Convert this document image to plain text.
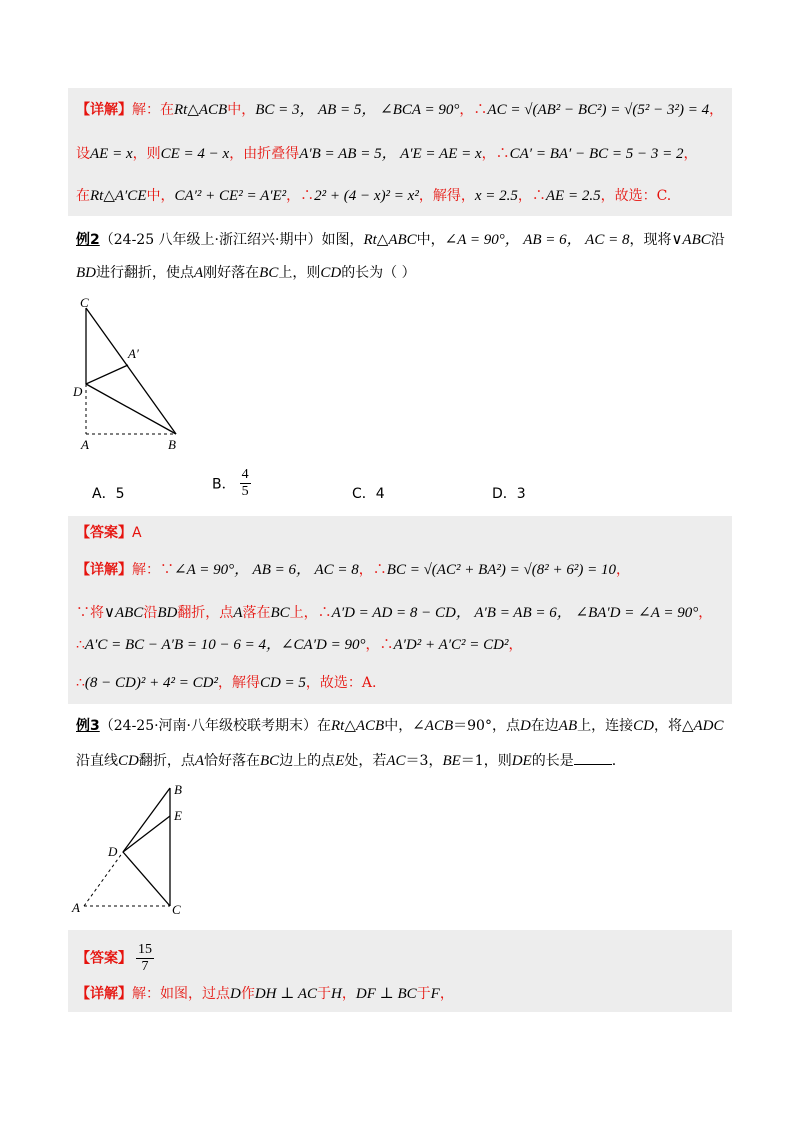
【详解】解：在Rt△ACB中，BC = 3， AB = 5， ∠BCA = 90°，∴AC = √(AB² − BC²) = √(5² − 3²) = 4，
设AE = x，则CE = 4 − x，由折叠得A′B = AB = 5， A′E = AE = x，∴CA′ = BA′ − BC = 5 − 3 = 2，
在Rt△A′CE中，CA′² + CE² = A′E²，∴2² + (4 − x)² = x²，解得，x = 2.5，∴AE = 2.5，故选：C.
例2（24-25 八年级上·浙江绍兴·期中）如图，Rt△ABC中，∠A = 90°， AB = 6， AC = 8，现将∨ABC沿
BD进行翻折，使点A刚好落在BC上，则CD的长为（ ）
C
A′
D
A	B
A．5
B． $\frac{4}{5}$	C．4	D．3
【答案】A
【详解】解：∵∠A = 90°， AB = 6， AC = 8，∴BC = √(AC² + BA²) = √(8² + 6²) = 10，
∵将∨ABC沿BD翻折，点A落在BC上，∴A′D = AD = 8 − CD， A′B = AB = 6， ∠BA′D = ∠A = 90°，
∴A′C = BC − A′B = 10 − 6 = 4，∠CA′D = 90°，∴A′D² + A′C² = CD²，
∴(8 − CD)² + 4² = CD²，解得CD = 5，故选：A.
例3（24-25·河南·八年级校联考期末）在Rt△ACB中，∠ACB＝90°，点D在边AB上，连接CD，将△ADC
沿直线CD翻折，点A恰好落在BC边上的点E处，若AC＝3，BE＝1，则DE的长是	.
B
E
D
A	C
【答案】 $\frac{15}{7}$
【详解】解：如图，过点D作DH ⊥ AC于H，DF ⊥ BC于F，
